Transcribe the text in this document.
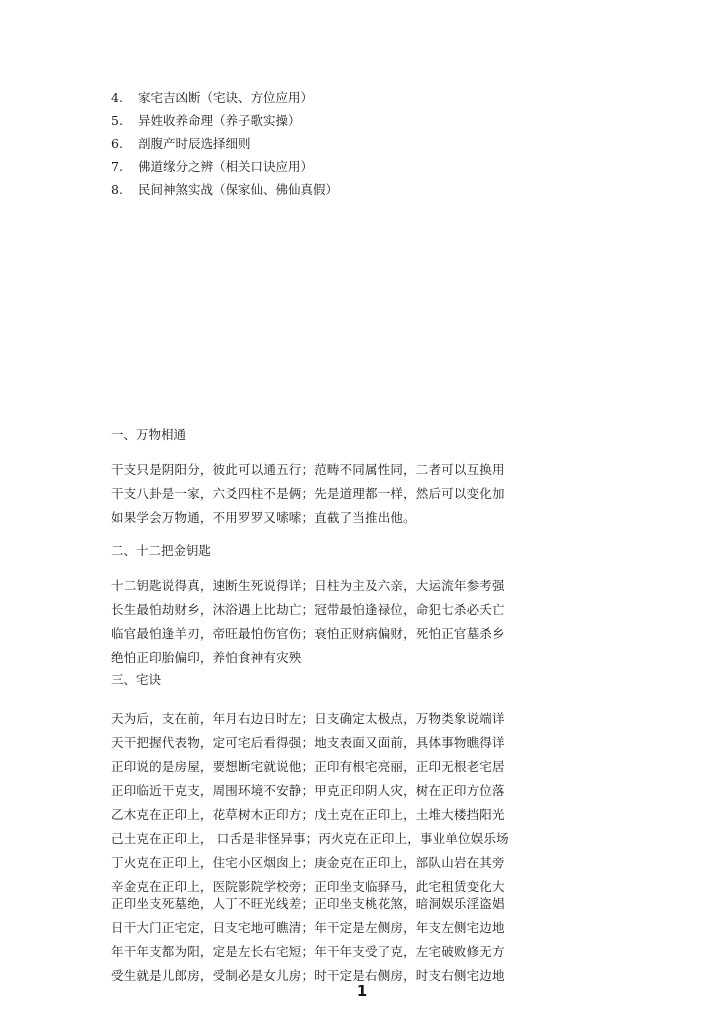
4. 家宅吉凶断（宅诀、方位应用）
5. 异姓收养命理（养子歌实操）
6. 剖腹产时辰选择细则
7. 佛道缘分之辨（相关口诀应用）
8. 民间神煞实战（保家仙、佛仙真假）
一、万物相通
干支只是阴阳分，彼此可以通五行；范畴不同属性同，二者可以互换用
干支八卦是一家，六爻四柱不是俩；先是道理都一样，然后可以变化加
如果学会万物通，不用罗罗又嗦嗦；直截了当推出他。
二、十二把金钥匙
十二钥匙说得真，速断生死说得详；日柱为主及六亲，大运流年参考强
长生最怕劫财乡，沐浴遇上比劫亡；冠带最怕逢禄位，命犯七杀必夭亡
临官最怕逢羊刃，帝旺最怕伤官伤；衰怕正财病偏财，死怕正官墓杀乡
绝怕正印胎偏印，养怕食神有灾殃
三、宅诀
天为后，支在前，年月右边日时左；日支确定太极点，万物类象说端详
天干把握代表物，定可宅后看得强；地支表面又面前，具体事物瞧得详
正印说的是房屋，要想断宅就说他；正印有根宅亮丽，正印无根老宅居
正印临近干克支，周围环境不安静；甲克正印阴人灾，树在正印方位落
乙木克在正印上，花草树木正印方；戊土克在正印上，土堆大楼挡阳光
己土克在正印上， 口舌是非怪异事；丙火克在正印上，事业单位娱乐场
丁火克在正印上，住宅小区烟囱上；庚金克在正印上，部队山岩在其旁
辛金克在正印上，医院影院学校旁；正印坐支临驿马，此宅租赁变化大
正印坐支死墓绝，人丁不旺光线差；正印坐支桃花煞，暗洞娱乐淫盗娼
日干大门正宅定，日支宅地可瞧清；年干定是左侧房，年支左侧宅边地
年干年支都为阳，定是左长右宅短；年干年支受了克，左宅破败修无方
受生就是儿郎房，受制必是女儿房；时干定是右侧房，时支右侧宅边地
1
